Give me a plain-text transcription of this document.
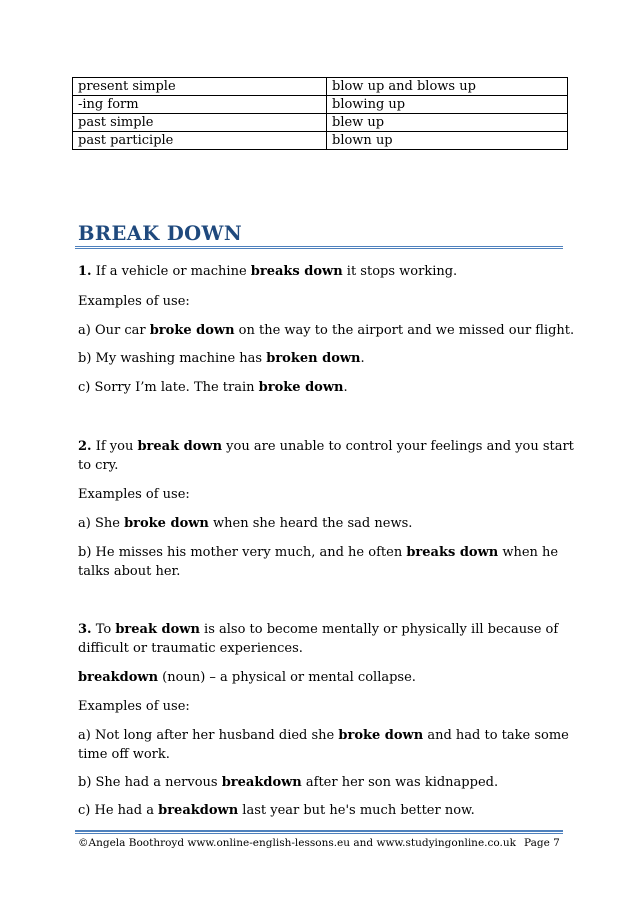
present simple	blow up and blows up
-ing form	blowing up
past simple	blew up
past participle	blown up
BREAK DOWN
1. If a vehicle or machine breaks down it stops working.
Examples of use:
a) Our car broke down on the way to the airport and we missed our flight.
b) My washing machine has broken down.
c) Sorry I’m late. The train broke down.
2. If you break down you are unable to control your feelings and you start
to cry.
Examples of use:
a) She broke down when she heard the sad news.
b) He misses his mother very much, and he often breaks down when he
talks about her.
3. To break down is also to become mentally or physically ill because of
difficult or traumatic experiences.
breakdown (noun) – a physical or mental collapse.
Examples of use:
a) Not long after her husband died she broke down and had to take some
time off work.
b) She had a nervous breakdown after her son was kidnapped.
c) He had a breakdown last year but he's much better now.
©Angela Boothroyd www.online-english-lessons.eu and www.studyingonline.co.uk Page 7
